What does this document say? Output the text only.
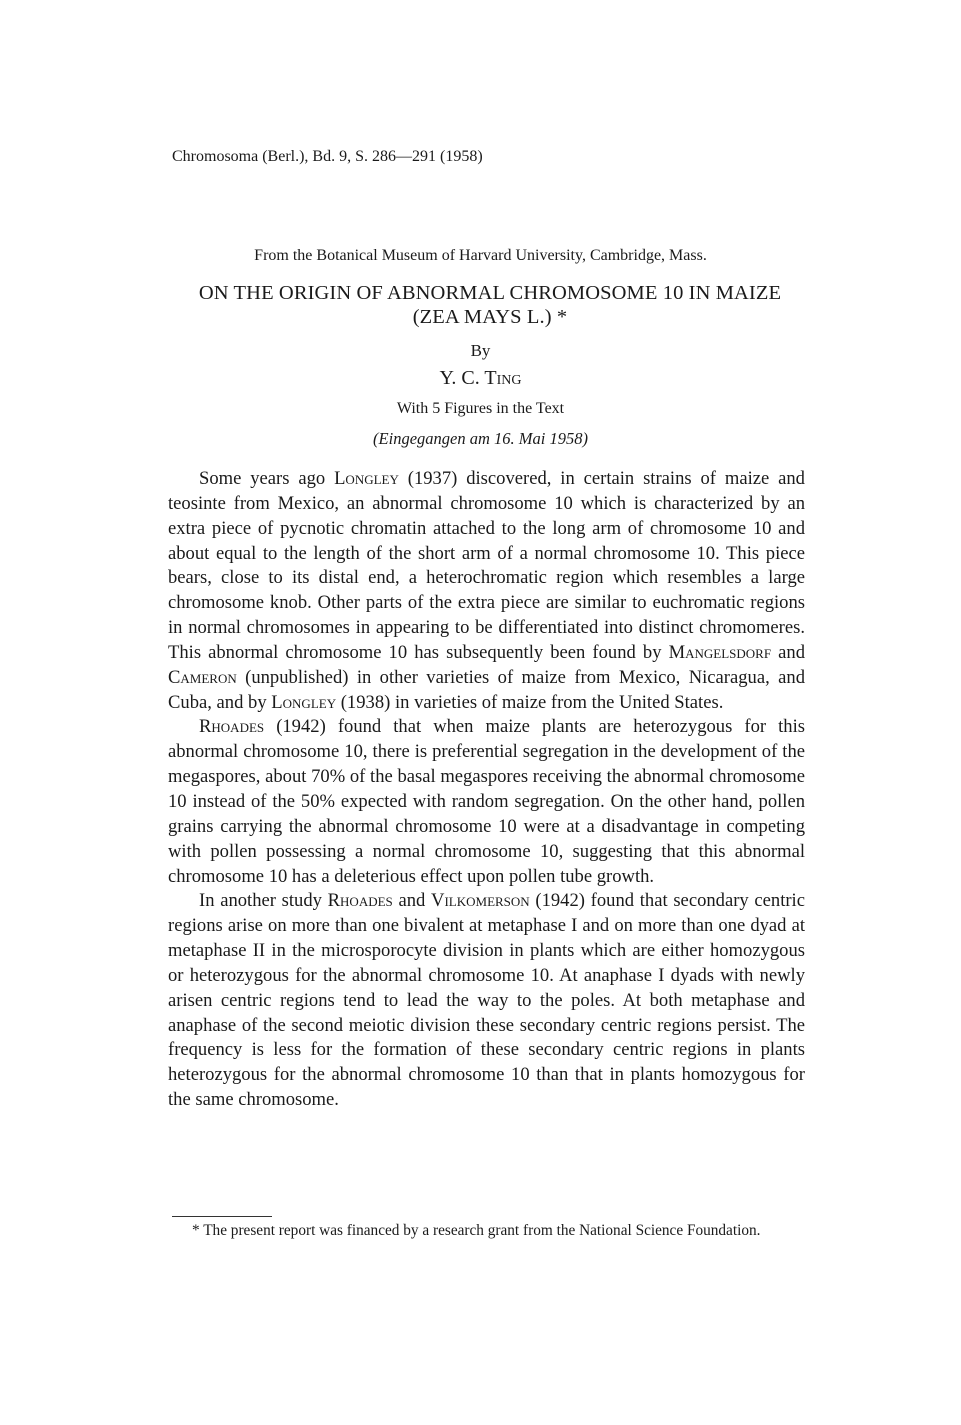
Chromosoma (Berl.), Bd. 9, S. 286—291 (1958)
From the Botanical Museum of Harvard University, Cambridge, Mass.
ON THE ORIGIN OF ABNORMAL CHROMOSOME 10 IN MAIZE
(ZEA MAYS L.) *
By
Y. C. Ting
With 5 Figures in the Text
(Eingegangen am 16. Mai 1958)

Some years ago Longley (1937) discovered, in certain strains of maize and teosinte from Mexico, an abnormal chromosome 10 which is characterized by an extra piece of pycnotic chromatin attached to the long arm of chromosome 10 and about equal to the length of the short arm of a normal chromosome 10. This piece bears, close to its distal end, a heterochromatic region which resembles a large chromosome knob. Other parts of the extra piece are similar to euchromatic regions in normal chromosomes in appearing to be differentiated into distinct chromomeres. This abnormal chromosome 10 has subsequently been found by Mangelsdorf and Cameron (unpublished) in other varieties of maize from Mexico, Nicaragua, and Cuba, and by Longley (1938) in varieties of maize from the United States.

Rhoades (1942) found that when maize plants are heterozygous for this abnormal chromosome 10, there is preferential segregation in the development of the megaspores, about 70% of the basal megaspores receiving the abnormal chromosome 10 instead of the 50% expected with random segregation. On the other hand, pollen grains carrying the abnormal chromosome 10 were at a disadvantage in competing with pollen possessing a normal chromosome 10, suggesting that this abnormal chromosome 10 has a deleterious effect upon pollen tube growth.

In another study Rhoades and Vilkomerson (1942) found that secondary centric regions arise on more than one bivalent at metaphase I and on more than one dyad at metaphase II in the microsporocyte division in plants which are either homozygous or heterozygous for the abnormal chromosome 10. At anaphase I dyads with newly arisen centric regions tend to lead the way to the poles. At both metaphase and anaphase of the second meiotic division these secondary centric regions persist. The frequency is less for the formation of these secondary centric regions in plants heterozygous for the abnormal chromosome 10 than that in plants homozygous for the same chromosome.

* The present report was financed by a research grant from the National Science Foundation.
